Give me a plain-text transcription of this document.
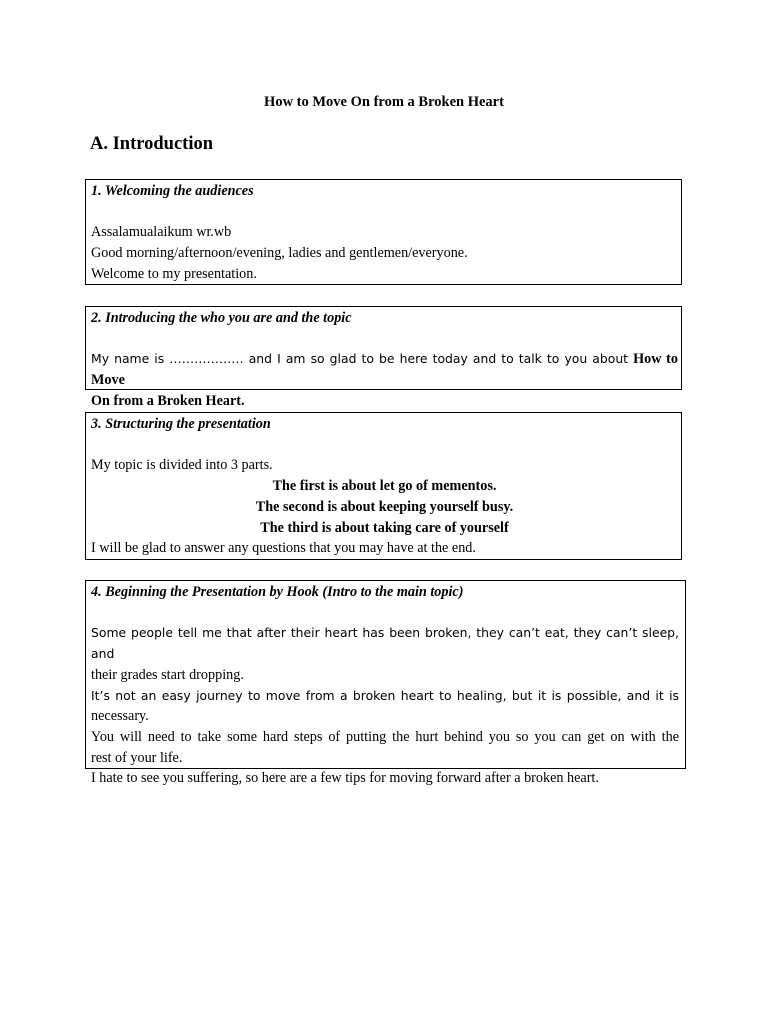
How to Move On from a Broken Heart
A. Introduction
1. Welcoming the audiences
Assalamualaikum wr.wb
Good morning/afternoon/evening, ladies and gentlemen/everyone.
Welcome to my presentation.
2. Introducing the who you are and the topic
My name is ……………… and I am so glad to be here today and to talk to you about How to Move
On from a Broken Heart.
3. Structuring the presentation
My topic is divided into 3 parts.
The first is about let go of mementos.
The second is about keeping yourself busy.
The third is about taking care of yourself
I will be glad to answer any questions that you may have at the end.
4. Beginning the Presentation by Hook (Intro to the main topic)
Some people tell me that after their heart has been broken, they can’t eat, they can’t sleep, and
their grades start dropping.
It’s not an easy journey to move from a broken heart to healing, but it is possible, and it is
necessary.
You will need to take some hard steps of putting the hurt behind you so you can get on with the
rest of your life.
I hate to see you suffering, so here are a few tips for moving forward after a broken heart.
